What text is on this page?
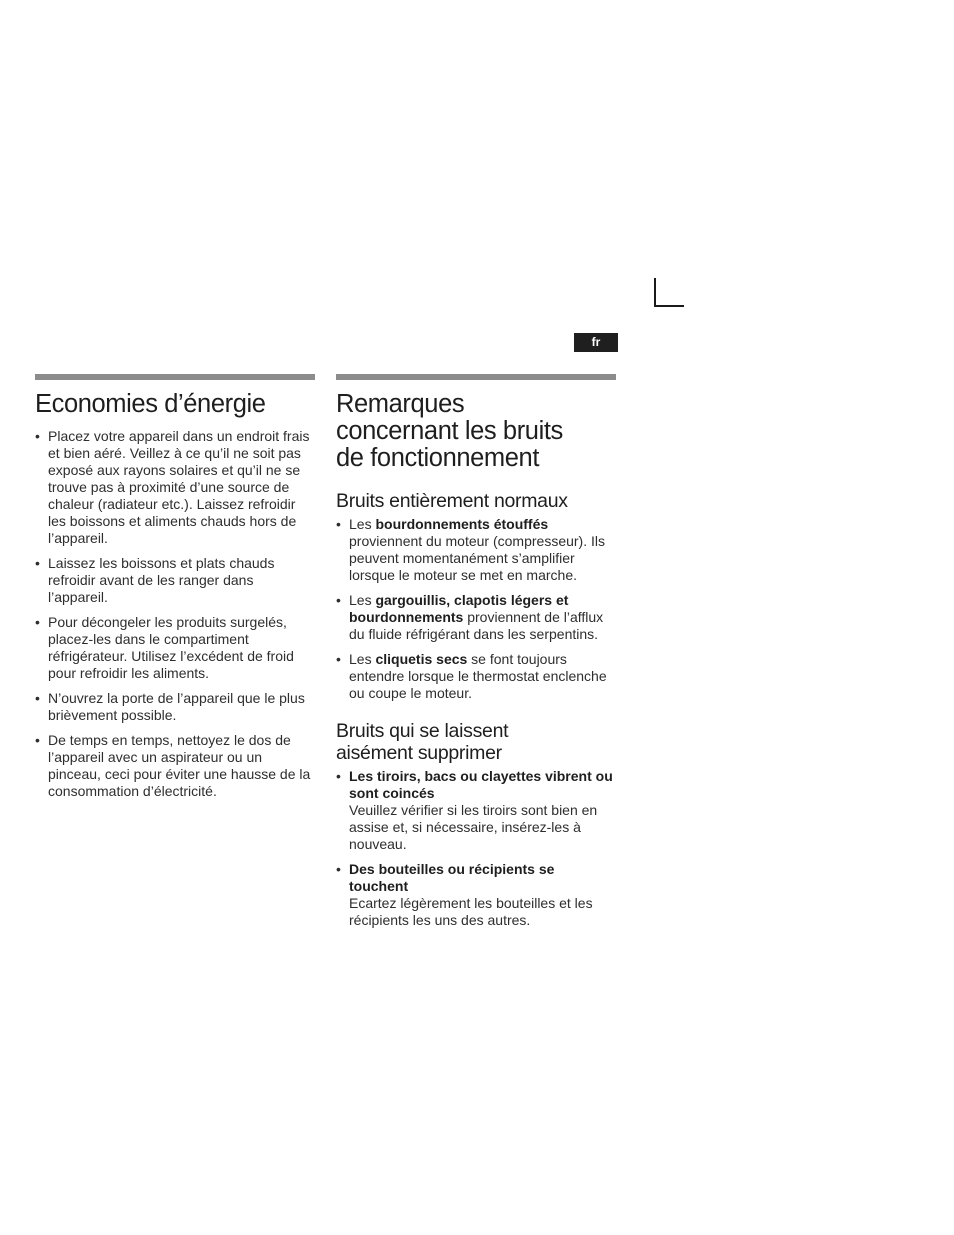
fr
Economies d’énergie
• Placez votre appareil dans un endroit frais et bien aéré. Veillez à ce qu’il ne soit pas exposé aux rayons solaires et qu’il ne se trouve pas à proximité d’une source de chaleur (radiateur etc.). Laissez refroidir les boissons et aliments chauds hors de l’appareil.
• Laissez les boissons et plats chauds refroidir avant de les ranger dans l’appareil.
• Pour décongeler les produits surgelés, placez-les dans le compartiment réfrigérateur. Utilisez l’excédent de froid pour refroidir les aliments.
• N’ouvrez la porte de l’appareil que le plus brièvement possible.
• De temps en temps, nettoyez le dos de l’appareil avec un aspirateur ou un pinceau, ceci pour éviter une hausse de la consommation d’électricité.
Remarques
concernant les bruits
de fonctionnement
Bruits entièrement normaux
• Les bourdonnements étouffés proviennent du moteur (compresseur). Ils peuvent momentanément s’amplifier lorsque le moteur se met en marche.
• Les gargouillis, clapotis légers et bourdonnements proviennent de l’afflux du fluide réfrigérant dans les serpentins.
• Les cliquetis secs se font toujours entendre lorsque le thermostat enclenche ou coupe le moteur.
Bruits qui se laissent
aisément supprimer
• Les tiroirs, bacs ou clayettes vibrent ou sont coincés
Veuillez vérifier si les tiroirs sont bien en assise et, si nécessaire, insérez-les à nouveau.
• Des bouteilles ou récipients se touchent
Ecartez légèrement les bouteilles et les récipients les uns des autres.
